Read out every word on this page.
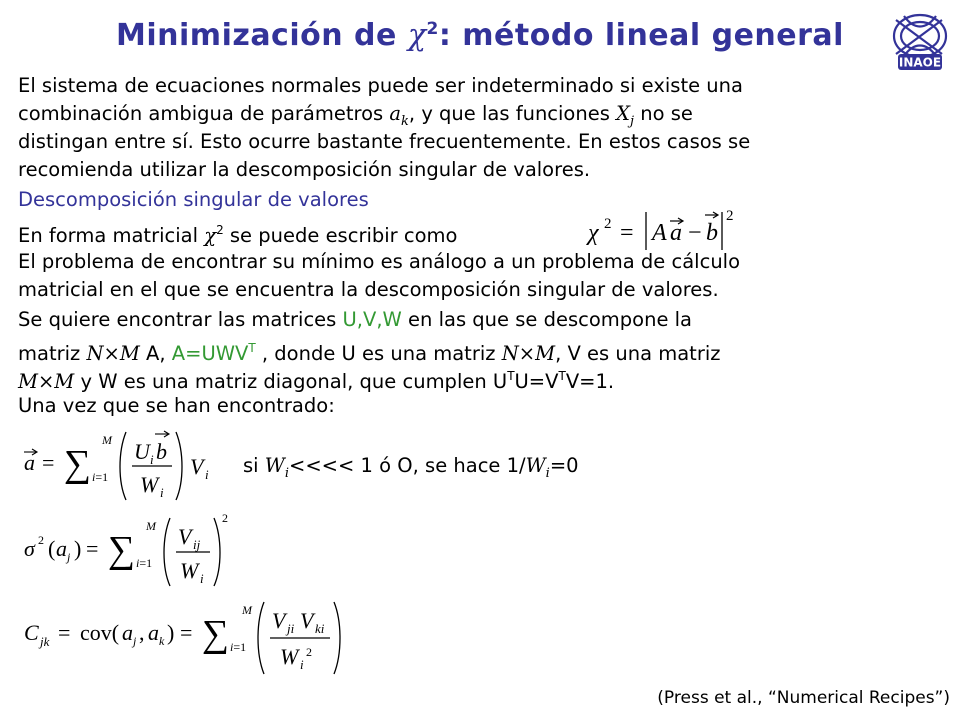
Minimización de $\chi^2$: método lineal general
INAOE
El sistema de ecuaciones normales puede ser indeterminado si existe una
combinación ambigua de parámetros $a_k$, y que las funciones $X_j$ no se
distingan entre sí. Esto ocurre bastante frecuentemente. En estos casos se
recomienda utilizar la descomposición singular de valores.
Descomposición singular de valores
En forma matricial $\chi^2$ se puede escribir como	χ 2 = A a − b
2
El problema de encontrar su mínimo es análogo a un problema de cálculo
matricial en el que se encuentra la descomposición singular de valores.
Se quiere encontrar las matrices U,V,W en las que se descompone la
matriz N×M A, $A=UWV^T$ , donde U es una matriz N×M, V es una matriz
M×M y W es una matriz diagonal, que cumplen $U^TU=V^TV=1$.
Una vez que se han encontrado:
a = ∑
M
i=1
U i b
W i
V i si $W_i<<<< 1$ ó O, se hace $1/W_i=0$
σ 2 ( a j ) = ∑
M
i=1
V ij
W i
2
C jk = cov( a j , a k ) = ∑
M
i=1
V ji V ki
W i
2
(Press et al., “Numerical Recipes”)
